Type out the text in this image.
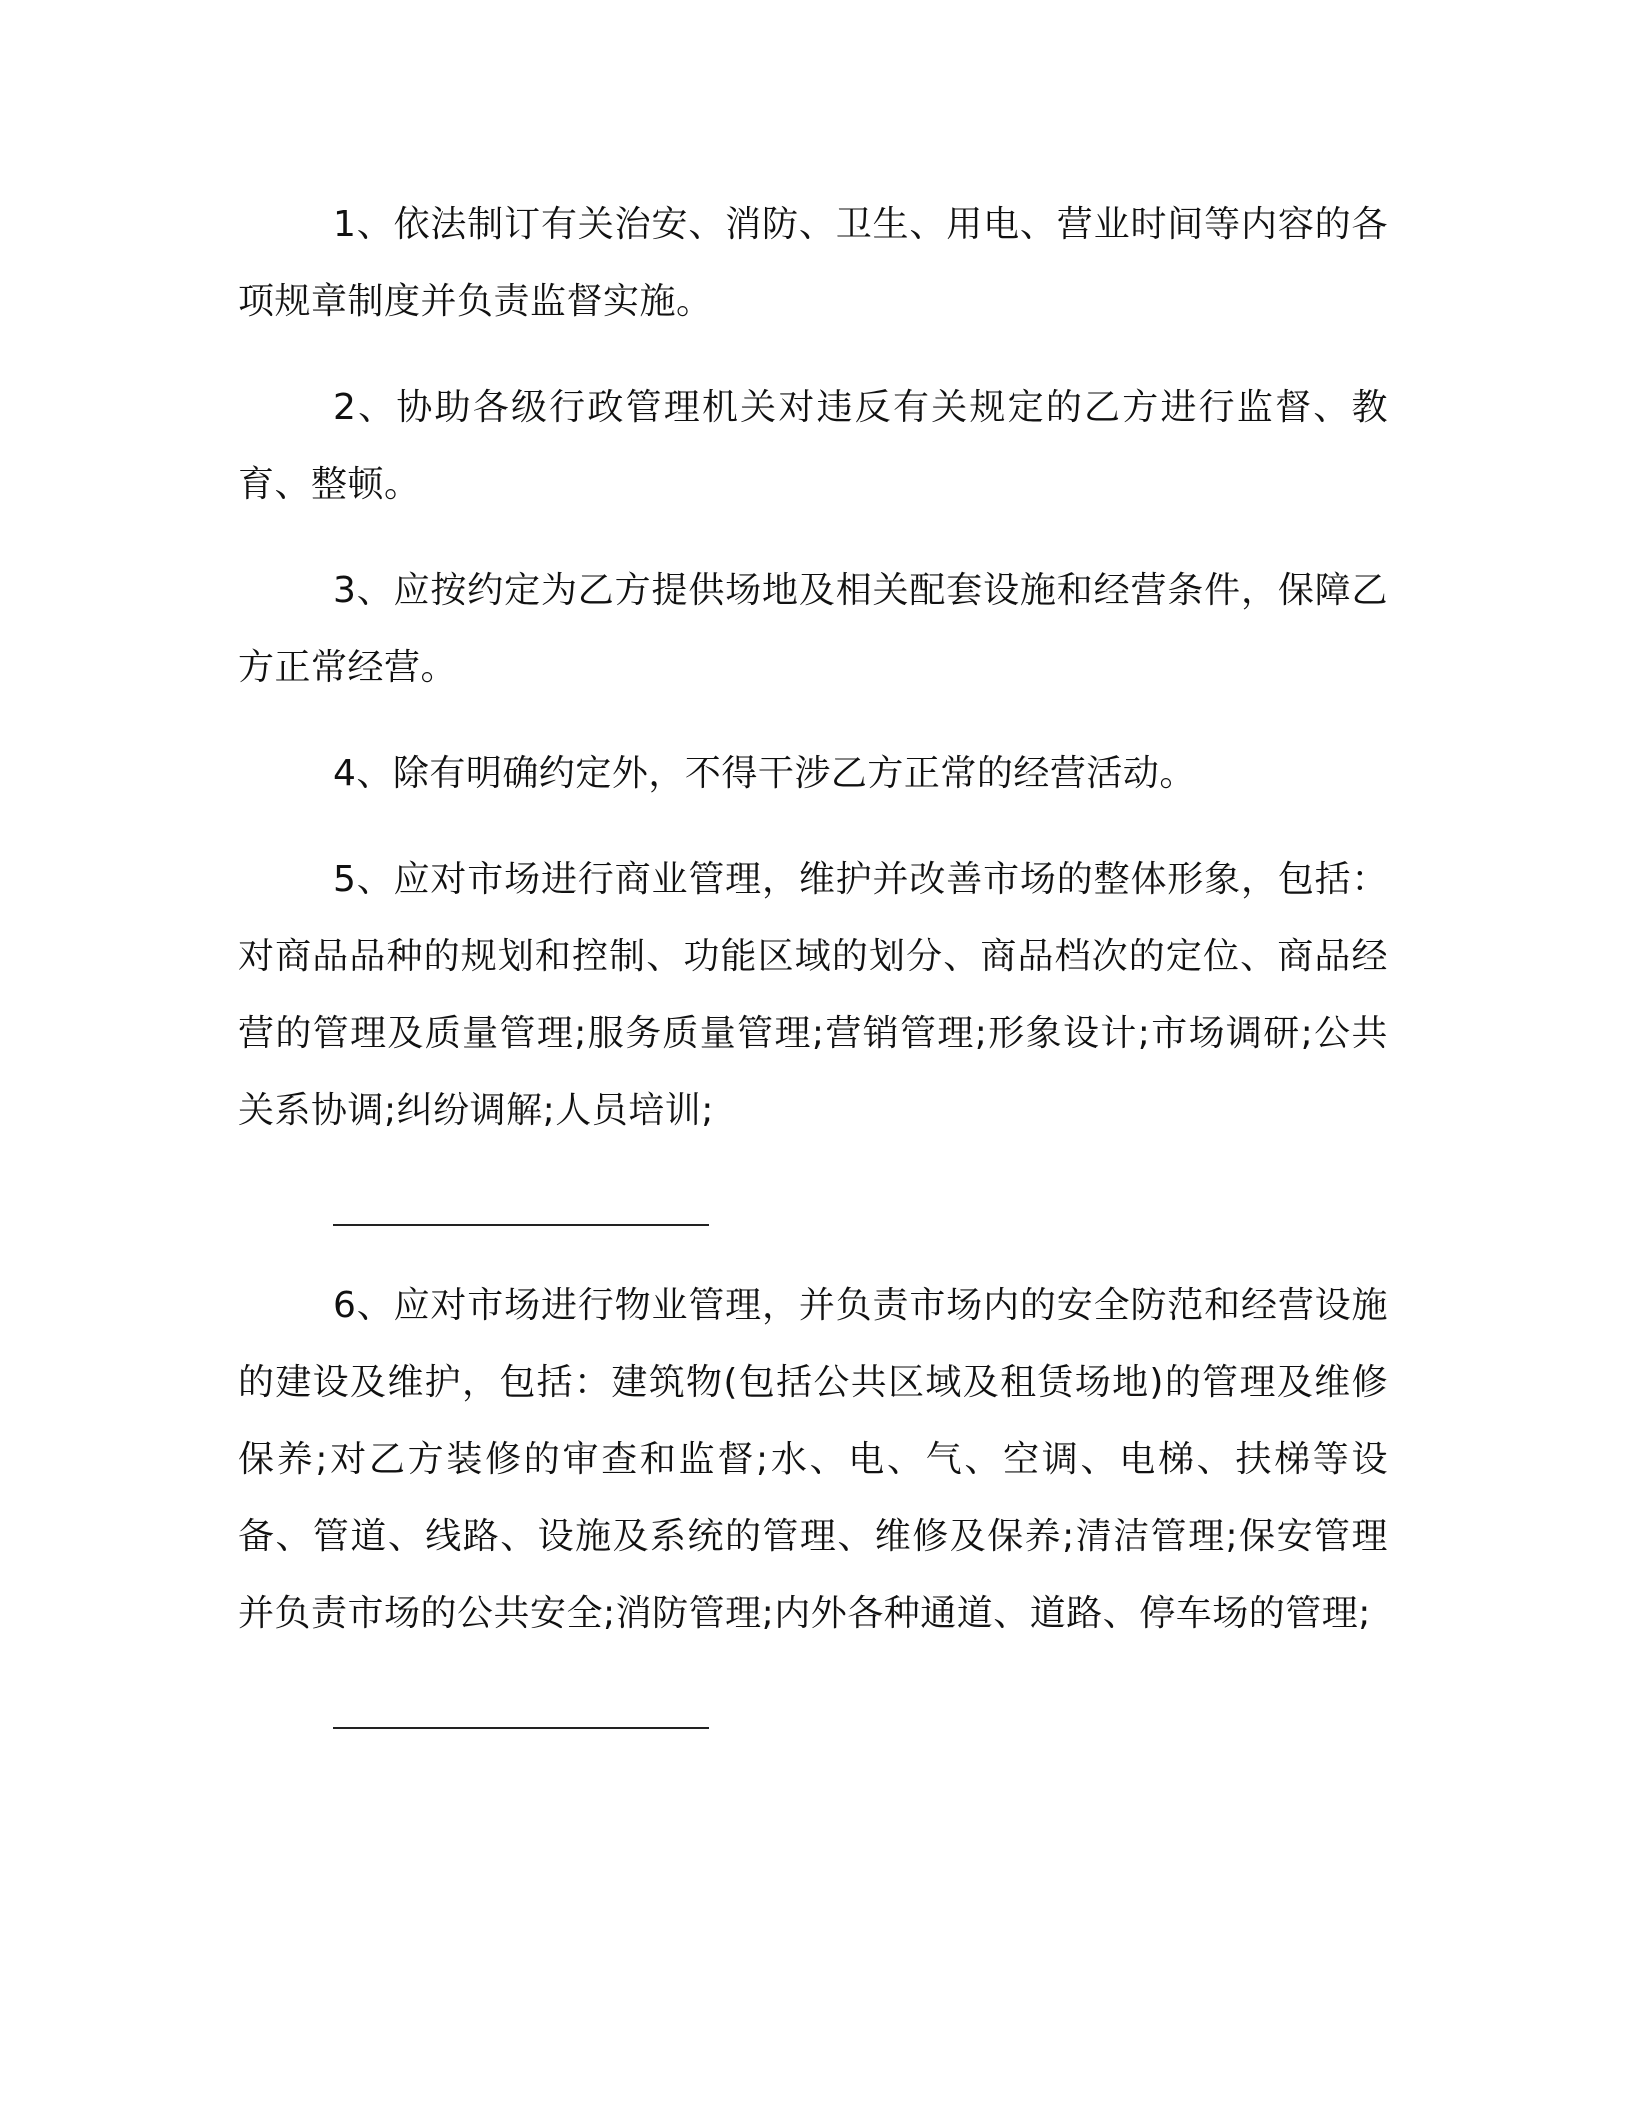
1、依法制订有关治安、消防、卫生、用电、营业时间等内容的各项规章制度并负责监督实施。

2、协助各级行政管理机关对违反有关规定的乙方进行监督、教育、整顿。

3、应按约定为乙方提供场地及相关配套设施和经营条件，保障乙方正常经营。

4、除有明确约定外，不得干涉乙方正常的经营活动。

5、应对市场进行商业管理，维护并改善市场的整体形象，包括：对商品品种的规划和控制、功能区域的划分、商品档次的定位、商品经营的管理及质量管理;服务质量管理;营销管理;形象设计;市场调研;公共关系协调;纠纷调解;人员培训;

6、应对市场进行物业管理，并负责市场内的安全防范和经营设施的建设及维护，包括：建筑物(包括公共区域及租赁场地)的管理及维修保养;对乙方装修的审查和监督;水、电、气、空调、电梯、扶梯等设备、管道、线路、设施及系统的管理、维修及保养;清洁管理;保安管理并负责市场的公共安全;消防管理;内外各种通道、道路、停车场的管理;
